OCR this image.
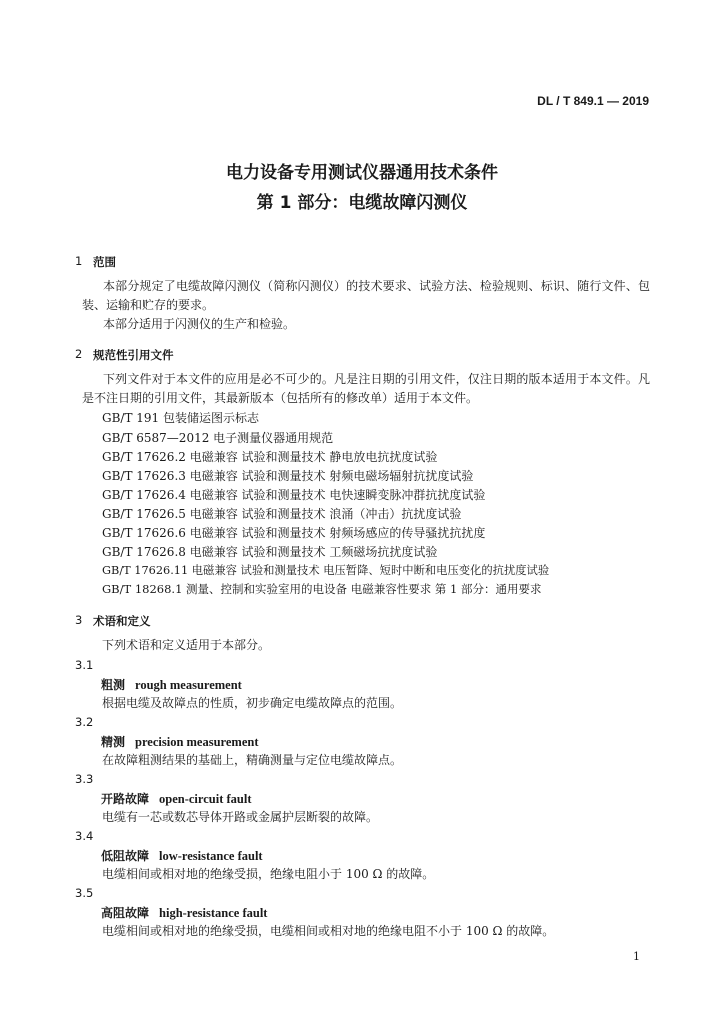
DL / T 849.1 — 2019
电力设备专用测试仪器通用技术条件
第 1 部分：电缆故障闪测仪
1 范围
本部分规定了电缆故障闪测仪（简称闪测仪）的技术要求、试验方法、检验规则、标识、随行文件、包装、运输和贮存的要求。
本部分适用于闪测仪的生产和检验。
2 规范性引用文件
下列文件对于本文件的应用是必不可少的。凡是注日期的引用文件，仅注日期的版本适用于本文件。凡是不注日期的引用文件，其最新版本（包括所有的修改单）适用于本文件。
GB/T 191 包装储运图示标志
GB/T 6587—2012 电子测量仪器通用规范
GB/T 17626.2 电磁兼容 试验和测量技术 静电放电抗扰度试验
GB/T 17626.3 电磁兼容 试验和测量技术 射频电磁场辐射抗扰度试验
GB/T 17626.4 电磁兼容 试验和测量技术 电快速瞬变脉冲群抗扰度试验
GB/T 17626.5 电磁兼容 试验和测量技术 浪涌（冲击）抗扰度试验
GB/T 17626.6 电磁兼容 试验和测量技术 射频场感应的传导骚扰抗扰度
GB/T 17626.8 电磁兼容 试验和测量技术 工频磁场抗扰度试验
GB/T 17626.11 电磁兼容 试验和测量技术 电压暂降、短时中断和电压变化的抗扰度试验
GB/T 18268.1 测量、控制和实验室用的电设备 电磁兼容性要求 第 1 部分：通用要求
3 术语和定义
下列术语和定义适用于本部分。
3.1
粗测 rough measurement
根据电缆及故障点的性质，初步确定电缆故障点的范围。
3.2
精测 precision measurement
在故障粗测结果的基础上，精确测量与定位电缆故障点。
3.3
开路故障 open-circuit fault
电缆有一芯或数芯导体开路或金属护层断裂的故障。
3.4
低阻故障 low-resistance fault
电缆相间或相对地的绝缘受损，绝缘电阻小于 100 Ω 的故障。
3.5
高阻故障 high-resistance fault
电缆相间或相对地的绝缘受损，电缆相间或相对地的绝缘电阻不小于 100 Ω 的故障。
1
